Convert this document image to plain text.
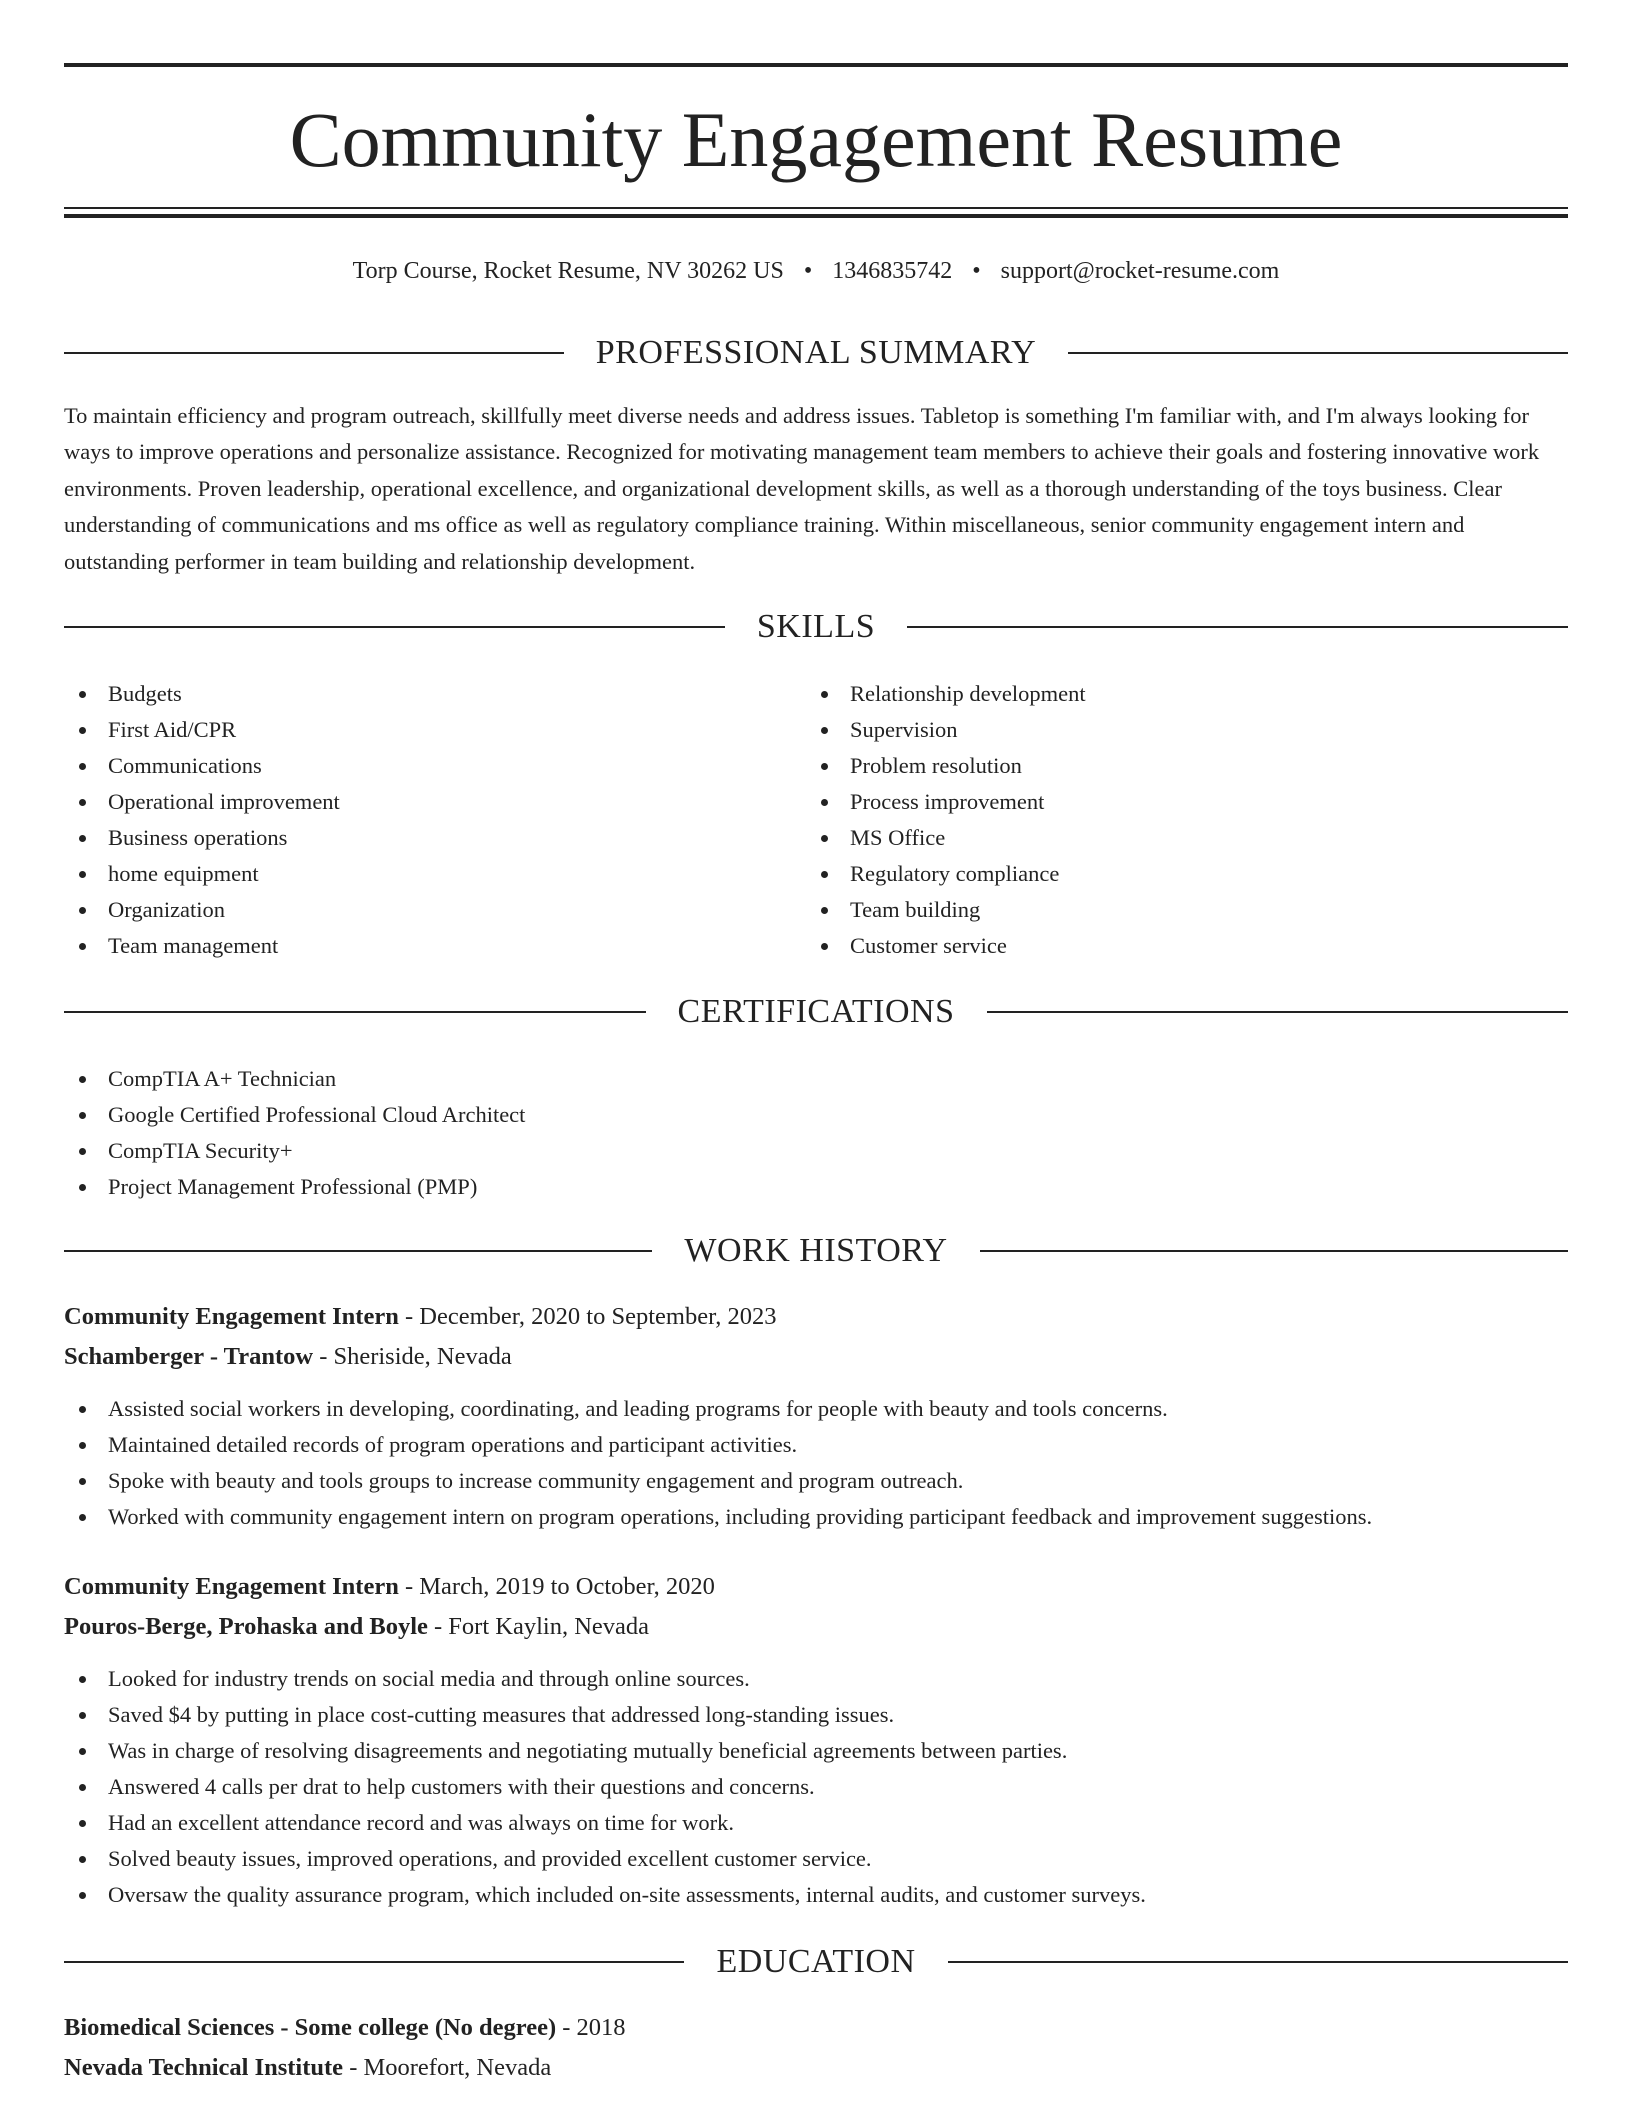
Community Engagement Resume
Torp Course, Rocket Resume, NV 30262 US • 1346835742 • support@rocket-resume.com
PROFESSIONAL SUMMARY
To maintain efficiency and program outreach, skillfully meet diverse needs and address issues. Tabletop is something I'm familiar with, and I'm always looking for ways to improve operations and personalize assistance. Recognized for motivating management team members to achieve their goals and fostering innovative work environments. Proven leadership, operational excellence, and organizational development skills, as well as a thorough understanding of the toys business. Clear understanding of communications and ms office as well as regulatory compliance training. Within miscellaneous, senior community engagement intern and outstanding performer in team building and relationship development.
SKILLS
Budgets
First Aid/CPR
Communications
Operational improvement
Business operations
home equipment
Organization
Team management
Relationship development
Supervision
Problem resolution
Process improvement
MS Office
Regulatory compliance
Team building
Customer service
CERTIFICATIONS
CompTIA A+ Technician
Google Certified Professional Cloud Architect
CompTIA Security+
Project Management Professional (PMP)
WORK HISTORY
Community Engagement Intern - December, 2020 to September, 2023
Schamberger - Trantow - Sheriside, Nevada
Assisted social workers in developing, coordinating, and leading programs for people with beauty and tools concerns.
Maintained detailed records of program operations and participant activities.
Spoke with beauty and tools groups to increase community engagement and program outreach.
Worked with community engagement intern on program operations, including providing participant feedback and improvement suggestions.
Community Engagement Intern - March, 2019 to October, 2020
Pouros-Berge, Prohaska and Boyle - Fort Kaylin, Nevada
Looked for industry trends on social media and through online sources.
Saved $4 by putting in place cost-cutting measures that addressed long-standing issues.
Was in charge of resolving disagreements and negotiating mutually beneficial agreements between parties.
Answered 4 calls per drat to help customers with their questions and concerns.
Had an excellent attendance record and was always on time for work.
Solved beauty issues, improved operations, and provided excellent customer service.
Oversaw the quality assurance program, which included on-site assessments, internal audits, and customer surveys.
EDUCATION
Biomedical Sciences - Some college (No degree) - 2018
Nevada Technical Institute - Moorefort, Nevada
